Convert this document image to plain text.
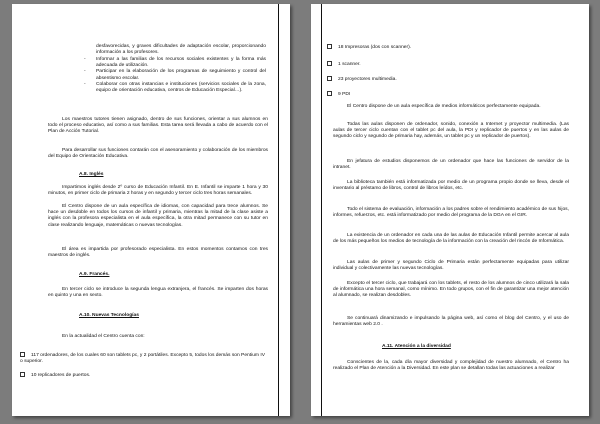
desfavorecidas, y graves dificultades de adaptación escolar, proporcionando información a los profesores.

-	Informar a las familias de los recursos sociales existentes y la forma más adecuada de utilización.
-	Participar en la elaboración de los programas de seguimiento y control del absentismo escolar.
-	Colaborar con otras instancias e instituciones (servicios sociales de la zona, equipo de orientación educativa, centros de Educación Especial…).

Los maestros tutores tienen asignado, dentro de sus funciones, orientar a sus alumnos en todo el proceso educativo, así como a sus familias. Esta tarea será llevada a cabo de acuerdo con el Plan de Acción Tutorial.

Para desarrollar sus funciones contarán con el asesoramiento y colaboración de los miembros del Equipo de Orientación Educativa.

A.8. Inglés

Impartimos inglés desde 2º curso de Educación Infantil. En E. Infantil se imparte 1 hora y 30 minutos, en primer ciclo de primaria 2 horas y en segundo y tercer ciclo tres horas semanales.

El Centro dispone de un aula específica de idiomas, con capacidad para trece alumnos. Se hace un desdoble en todos los cursos de infantil y primaria, mientras la mitad de la clase asiste a inglés con la profesora especialista en el aula específica, la otra mitad permanece con su tutor en clase realizando lenguaje, matemáticas o nuevas tecnologías.

El área es impartida por profesorado especialista. En estos momentos contamos con tres maestros de inglés.

A.9. Francés.

En tercer ciclo se introduce la segunda lengua extranjera, el francés. Se imparten dos horas en quinto y una en sexto.

A.10. Nuevas Tecnologías

En la actualidad el Centro cuenta con:

117 ordenadores, de los cuales 60 son tablets pc, y 2 portátiles. Excepto 5, todos los demás son Pentium IV o superior.
10 replicadores de puertos.
18 Impresoras (dos con scanner).
1 scanner.
23 proyectores multimedia.
9 PDI

El Centro dispone de un aula específica de medios informáticos perfectamente equipada.

Todas las aulas disponen de ordenador, sonido, conexión a Internet y proyector multimedia. (Las aulas de tercer ciclo cuentan con el tablet pc del aula, la PDI y replicador de puertos y en las aulas de segundo ciclo y segundo de primaria hay, además, un tablet pc y un replicador de puertos).

En jefatura de estudios disponemos de un ordenador que hace las funciones de servidor de la intranet.

La biblioteca también está informatizada por medio de un programa propio donde se lleva, desde el inventario al préstamo de libros, control de libros leídos, etc.

Todo el sistema de evaluación, información a los padres sobre el rendimiento académico de sus hijos, informes, refuerzos, etc. está informatizado por medio del programa de la DGA en el GIR.

La existencia de un ordenador en cada una de las aulas de Educación Infantil permite acercar al aula de los más pequeños los medios de tecnología de la información con la creación del rincón de Informática.

Las aulas de primer y segundo Ciclo de Primaria están perfectamente equipadas para utilizar individual y colectivamente las nuevas tecnologías.

Excepto el tercer ciclo, que trabajará con los tablets, el resto de los alumnos de cinco utilizará la sala de informática una hora semanal, como mínimo. En todo grupos, con el fin de garantizar una mejor atención al alumnado, se realizan desdobles.

Se continuará dinamizando e impulsando la página web, así como el blog del Centro, y el uso de herramientas web 2.0 .

A.11. Atención a la diversidad

Conscientes de la, cada día mayor diversidad y complejidad de nuestro alumnado, el Centro ha realizado el Plan de Atención a la Diversidad. En este plan se detallan todas las actuaciones a realizar
